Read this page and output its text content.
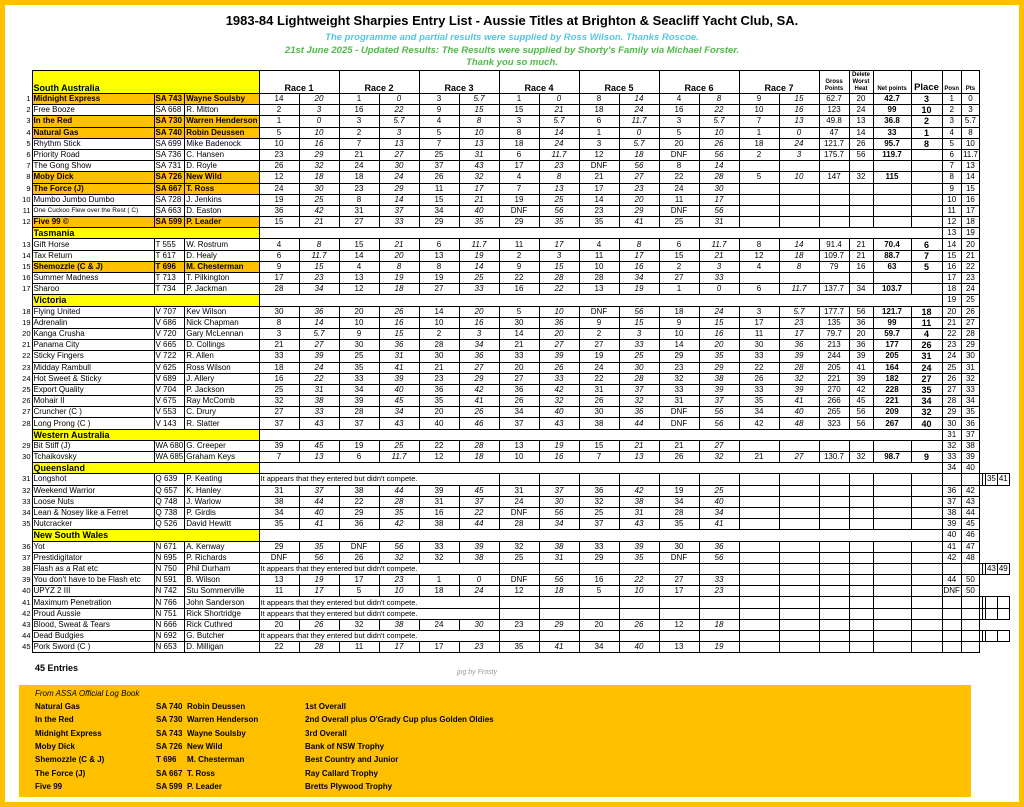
1983-84 Lightweight Sharpies Entry List - Aussie Titles at Brighton & Seacliff Yacht Club, SA.
The programme and partial results were supplied by Ross Wilson. Thanks Roscoe.
21st June 2025 - Updated Results: The Results were supplied by Shorty's Family via Michael Forster.
Thank you so much.
	South Australia			Race 1		Race 2		Race 3		Race 4		Race 5		Race 6		Race 7		Gross Points	Delete Worst Heat	Net points	Place	Posn	Pts				
1	Midnight Express	SA 743	Wayne Soulsby	14	20	1	0	3	5.7	1	0	8	14	4	8	9	15	62.7	20	42.7	3	1	0				
2	Free Booze	SA 668	R. Mitton	2	3	16	22	9	15	15	21	18	24	16	22	10	16	123	24	99	10	2	3				
3	In the Red	SA 730	Warren Henderson	1	0	3	5.7	4	8	3	5.7	6	11.7	3	5.7	7	13	49.8	13	36.8	2	3	5.7				
4	Natural Gas	SA 740	Robin Deussen	5	10	2	3	5	10	8	14	1	0	5	10	1	0	47	14	33	1	4	8				
5	Rhythm Stick	SA 699	Mike Badenock	10	16	7	13	7	13	18	24	3	5.7	20	26	18	24	121.7	26	95.7	8	5	10				
6	Priority Road	SA 736	C. Hansen	23	29	21	27	25	31	6	11.7	12	18	DNF	56	2	3	175.7	56	119.7		6	11.7				
7	The Gong Show	SA 731	D. Royle	26	32	24	30	37	43	17	23	DNF	56	8	14							7	13				
8	Moby Dick	SA 726	New Wild	12	18	18	24	26	32	4	8	21	27	22	28	5	10	147	32	115		8	14				
9	The Force (J)	SA 667	T. Ross	24	30	23	29	11	17	7	13	17	23	24	30							9	15				
10	Mumbo Jumbo Dumbo	SA 728	J. Jenkins	19	25	8	14	15	21	19	25	14	20	11	17							10	16				
11	One Cuckoo Flew over the Rest ( C)	SA 663	D. Easton	36	42	31	37	34	40	DNF	56	23	29	DNF	56							11	17				
12	Five 99 ©	SA 599	P. Leader	15	21	27	33	29	35	29	35	35	41	25	31							12	18				
	Tasmania																					13	19				
13	Gift Horse	T 555	W. Rostrum	4	8	15	21	6	11.7	11	17	4	8	6	11.7	8	14	91.4	21	70.4	6	14	20				
14	Tax Return	T 617	D. Healy	6	11.7	14	20	13	19	2	3	11	17	15	21	12	18	109.7	21	88.7	7	15	21				
15	Shemozzle (C & J)	T 696	M. Chesterman	9	15	4	8	8	14	9	15	10	16	2	3	4	8	79	16	63	5	16	22				
16	Summer Madness	T 713	T. Pilkington	17	23	13	19	19	25	22	28	28	34	27	33							17	23				
17	Sharoo	T 734	P. Jackman	28	34	12	18	27	33	16	22	13	19	1	0	6	11.7	137.7	34	103.7		18	24				
	Victoria																					19	25				
18	Flying United	V 707	Kev Wilson	30	36	20	26	14	20	5	10	DNF	56	18	24	3	5.7	177.7	56	121.7	18	20	26				
19	Adrenalin	V 686	Nick Chapman	8	14	10	16	10	16	30	36	9	15	9	15	17	23	135	36	99	11	21	27				
20	Kanga Crusha	V 720	Gary McLennan	3	5.7	9	15	2	3	14	20	2	3	10	16	11	17	79.7	20	59.7	4	22	28				
21	Panama City	V 665	D. Collings	21	27	30	36	28	34	21	27	27	33	14	20	30	36	213	36	177	26	23	29				
22	Sticky Fingers	V 722	R. Allen	33	39	25	31	30	36	33	39	19	25	29	35	33	39	244	39	205	31	24	30				
23	Midday Rambull	V 625	Ross Wilson	18	24	35	41	21	27	20	26	24	30	23	29	22	28	205	41	164	24	25	31				
24	Hot Sweet & Sticky	V 689	J. Allery	16	22	33	39	23	29	27	33	22	28	32	38	26	32	221	39	182	27	26	32				
25	Export Quality	V 704	P. Jackson	25	31	34	40	36	42	36	42	31	37	33	39	33	39	270	42	228	35	27	33				
26	Mohair II	V 675	Ray McComb	32	38	39	45	35	41	26	32	26	32	31	37	35	41	266	45	221	34	28	34				
27	Cruncher (C )	V 553	C. Drury	27	33	28	34	20	26	34	40	30	36	DNF	56	34	40	265	56	209	32	29	35				
28	Long Prong (C )	V 143	R. Slatter	37	43	37	43	40	46	37	43	38	44	DNF	56	42	48	323	56	267	40	30	36				
	Western Australia																					31	37				
29	Bit Stiff (J)	WA 680	G. Creeper	39	45	19	25	22	28	13	19	15	21	21	27							32	38				
30	Tchaikovsky	WA 685	Graham Keys	7	13	6	11.7	12	18	10	16	7	13	26	32	21	27	130.7	32	98.7	9	33	39				
	Queensland																					34	40				
31	Longshot	Q 639	P. Keating	It appears that they entered but didn't compete.																						35	41
32	Weekend Warrior	Q 657	K. Hanley	31	37	38	44	39	45	31	37	36	42	19	25							36	42				
33	Loose Nuts	Q 748	J. Warlow	38	44	22	28	31	37	24	30	32	38	34	40							37	43				
34	Lean & Nosey like a Ferret	Q 738	P. Girdis	34	40	29	35	16	22	DNF	56	25	31	28	34							38	44				
35	Nutcracker	Q 526	David Hewitt	35	41	36	42	38	44	28	34	37	43	35	41							39	45				
	New South Wales																					40	46				
36	Yot	N 671	A. Kenway	29	35	DNF	56	33	39	32	38	33	39	30	36							41	47				
37	Prestidigitator	N 695	P. Richards	DNF	56	26	32	32	38	25	31	29	35	DNF	56							42	48				
38	Flash as a Rat etc	N 750	Phil Durham	It appears that they entered but didn't compete.																						43	49
39	You don't have to be Flash etc	N 591	B. Wilson	13	19	17	23	1	0	DNF	56	16	22	27	33							44	50				
40	UPYZ 2 III	N 742	Stu Sommerville	11	17	5	10	18	24	12	18	5	10	17	23							DNF	50				
41	Maximum Penetration	N 766	John Sanderson	It appears that they entered but didn't compete.																							
42	Proud Aussie	N 751	Rick Shortridge	It appears that they entered but didn't compete.																							
43	Blood, Sweat & Tears	N 666	Rick Cuthred	20	26	32	38	24	30	23	29	20	26	12	18												
44	Dead Budgies	N 692	G. Butcher	It appears that they entered but didn't compete.																							
45	Pork Sword (C )	N 653	D. Milligan	22	28	11	17	17	23	35	41	34	40	13	19												
45 Entries	jpg by Frosty
From ASSA Official Log Book
Natural Gas	SA 740 Robin Deussen	1st Overall
In the Red	SA 730 Warren Henderson	2nd Overall plus O'Grady Cup plus Golden Oldies
Midnight Express	SA 743 Wayne Soulsby	3rd Overall
Moby Dick	SA 726 New Wild	Bank of NSW Trophy
Shemozzle (C & J)	T 696 M. Chesterman	Best Country and Junior
The Force (J)	SA 667 T. Ross	Ray Callard Trophy
Five 99	SA 599 P. Leader	Bretts Plywood Trophy
